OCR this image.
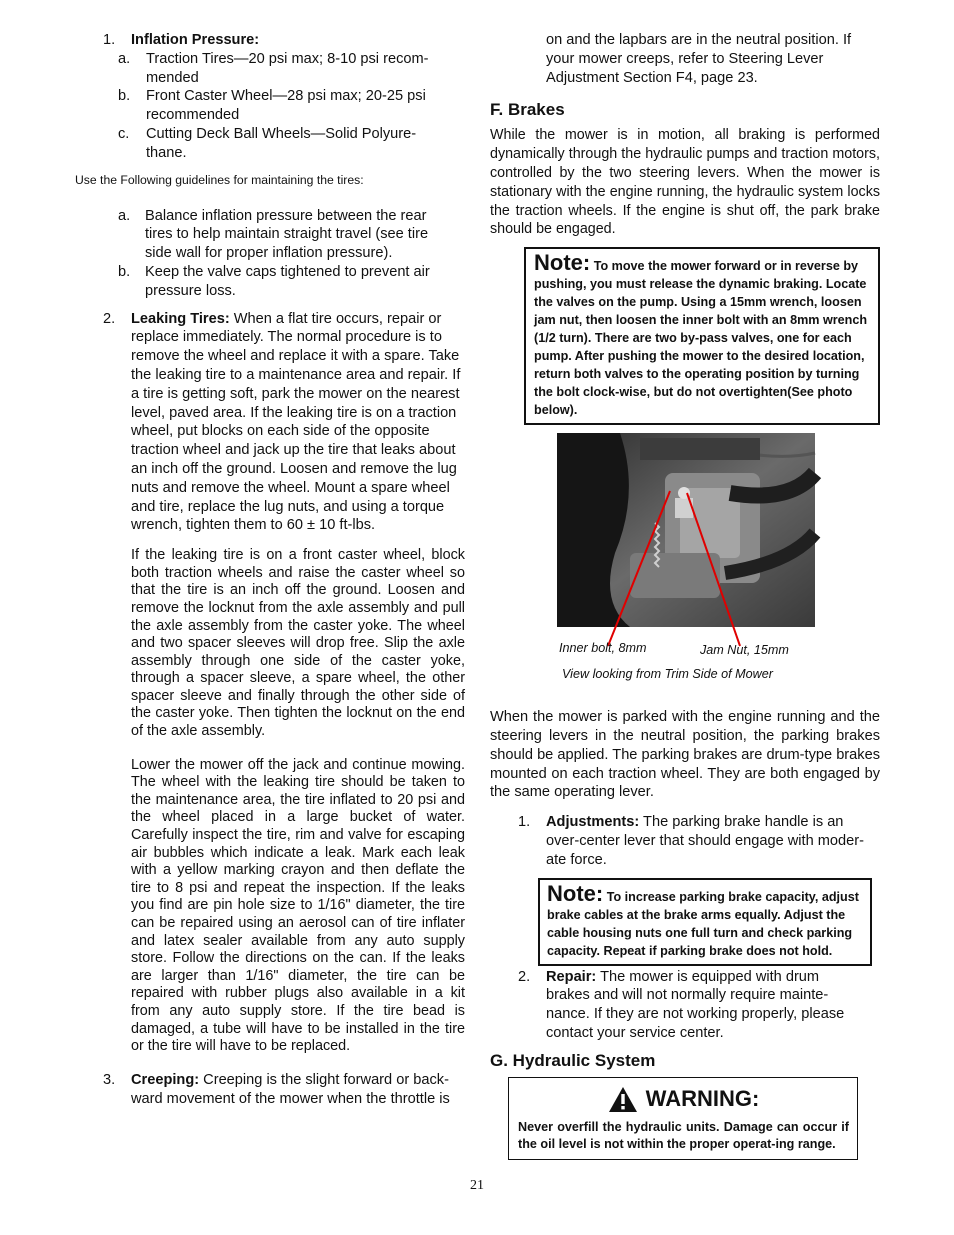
1.	Inflation Pressure:
a.	Traction Tires—20 psi max; 8-10 psi recom-mended
b.	Front Caster Wheel—28 psi max; 20-25 psi recommended
c.	Cutting Deck Ball Wheels—Solid Polyure-thane.
Use the Following guidelines for maintaining the tires:
a.	Balance inflation pressure between the rear tires to help maintain straight travel (see tire side wall for proper inflation pressure).
b.	Keep the valve caps tightened to prevent air pressure loss.
2.	Leaking Tires: When a flat tire occurs, repair or replace immediately. The normal procedure is to remove the wheel and replace it with a spare. Take the leaking tire to a maintenance area and repair. If a tire is getting soft, park the mower on the nearest level, paved area. If the leaking tire is on a traction wheel, put blocks on each side of the opposite traction wheel and jack up the tire that leaks about an inch off the ground. Loosen and remove the lug nuts and remove the wheel. Mount a spare wheel and tire, replace the lug nuts, and using a torque wrench, tighten them to 60 ± 10 ft-lbs.

If the leaking tire is on a front caster wheel, block both traction wheels and raise the caster wheel so that the tire is an inch off the ground. Loosen and remove the locknut from the axle assembly and pull the axle assembly from the caster yoke. The wheel and two spacer sleeves will drop free. Slip the axle assembly through one side of the caster yoke, through a spacer sleeve, a spare wheel, the other spacer sleeve and finally through the other side of the caster yoke. Then tighten the locknut on the end of the axle assembly.

Lower the mower off the jack and continue mowing. The wheel with the leaking tire should be taken to the maintenance area, the tire inflated to 20 psi and the wheel placed in a large bucket of water. Carefully inspect the tire, rim and valve for escaping air bubbles which indicate a leak. Mark each leak with a yellow marking crayon and then deflate the tire to 8 psi and repeat the inspection. If the leaks you find are pin hole size to 1/16" diameter, the tire can be repaired using an aerosol can of tire inflater and latex sealer available from any auto supply store. Follow the directions on the can. If the leaks are larger than 1/16" diameter, the tire can be repaired with rubber plugs also available in a kit from any auto supply store. If the tire bead is damaged, a tube will have to be installed in the tire or the tire will have to be replaced.

3.	Creeping: Creeping is the slight forward or back-ward movement of the mower when the throttle is

on and the lapbars are in the neutral position. If your mower creeps, refer to Steering Lever Adjustment Section F4, page 23.

F. Brakes

While the mower is in motion, all braking is performed dynamically through the hydraulic pumps and traction motors, controlled by the two steering levers. When the mower is stationary with the engine running, the hydraulic system locks the traction wheels. If the engine is shut off, the park brake should be engaged.

Note: To move the mower forward or in reverse by pushing, you must release the dynamic braking. Locate the valves on the pump. Using a 15mm wrench, loosen jam nut, then loosen the inner bolt with an 8mm wrench (1/2 turn). There are two by-pass valves, one for each pump. After pushing the mower to the desired location, return both valves to the operating position by turning the bolt clock-wise, but do not overtighten(See photo below).
Inner bolt, 8mm	Jam Nut, 15mm
View looking from Trim Side of Mower

When the mower is parked with the engine running and the steering levers in the neutral position, the parking brakes should be applied. The parking brakes are drum-type brakes mounted on each traction wheel. They are both engaged by the same operating lever.

1.	Adjustments: The parking brake handle is an over-center lever that should engage with moder-ate force.

Note: To increase parking brake capacity, adjust brake cables at the brake arms equally. Adjust the cable housing nuts one full turn and check parking capacity. Repeat if parking brake does not hold.
2.	Repair: The mower is equipped with drum brakes and will not normally require mainte-nance. If they are not working properly, please contact your service center.

G. Hydraulic System
WARNING:

Never overfill the hydraulic units. Damage can occur if the oil level is not within the proper operat-ing range.

21
